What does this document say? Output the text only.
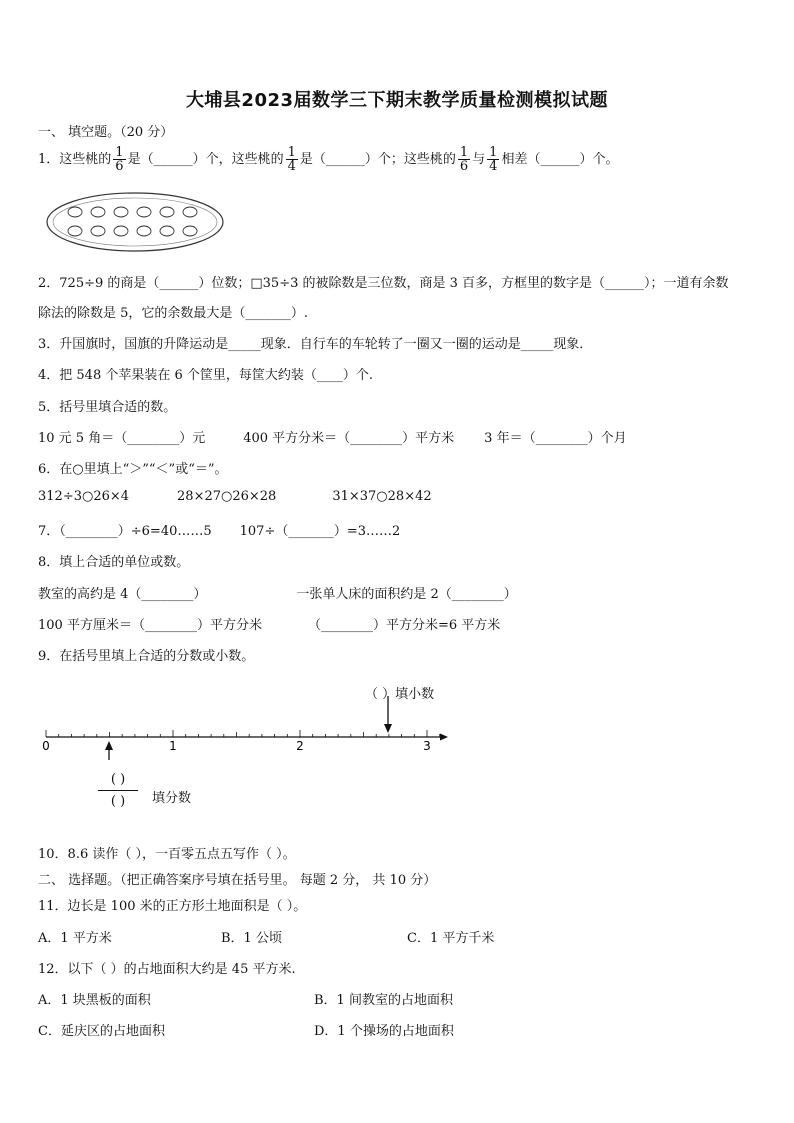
大埔县2023届数学三下期末教学质量检测模拟试题
一、 填空题。（20 分）
1．这些桃的 $\frac{1}{6}$ 是（______）个，这些桃的 $\frac{1}{4}$ 是（______）个；这些桃的 $\frac{1}{6}$ 与 $\frac{1}{4}$ 相差（______）个。
2．725÷9 的商是（______）位数；□35÷3 的被除数是三位数，商是 3 百多，方框里的数字是（______）；一道有余数
除法的除数是 5，它的余数最大是（_______）.
3．升国旗时，国旗的升降运动是_____现象．自行车的车轮转了一圈又一圈的运动是_____现象．
4．把 548 个苹果装在 6 个筐里，每筐大约装（____）个.
5．括号里填合适的数。
10 元 5 角＝（________）元	400 平方分米＝（________）平方米 3 年＝（________）个月
6．在○里填上“＞”“＜”或“＝”。
312÷3○26×4	28×27○26×28	31×37○28×42
7．（________）÷6=40……5 107÷（_______）=3……2
8．填上合适的单位或数。
教室的高约是 4（________）	一张单人床的面积约是 2（________）
100 平方厘米＝（________）平方分米	（________）平方分米=6 平方米
9．在括号里填上合适的分数或小数。
（ ）填小数
0	1	2	3
( )
( )	填分数
10．8.6 读作（ ），一百零五点五写作（ ）。
二、 选择题。（把正确答案序号填在括号里。 每题 2 分， 共 10 分）
11．边长是 100 米的正方形土地面积是（ ）。
A．1 平方米	B．1 公顷	C．1 平方千米
12．以下（ ）的占地面积大约是 45 平方米.
A．1 块黑板的面积	B．1 间教室的占地面积
C．延庆区的占地面积	D．1 个操场的占地面积
